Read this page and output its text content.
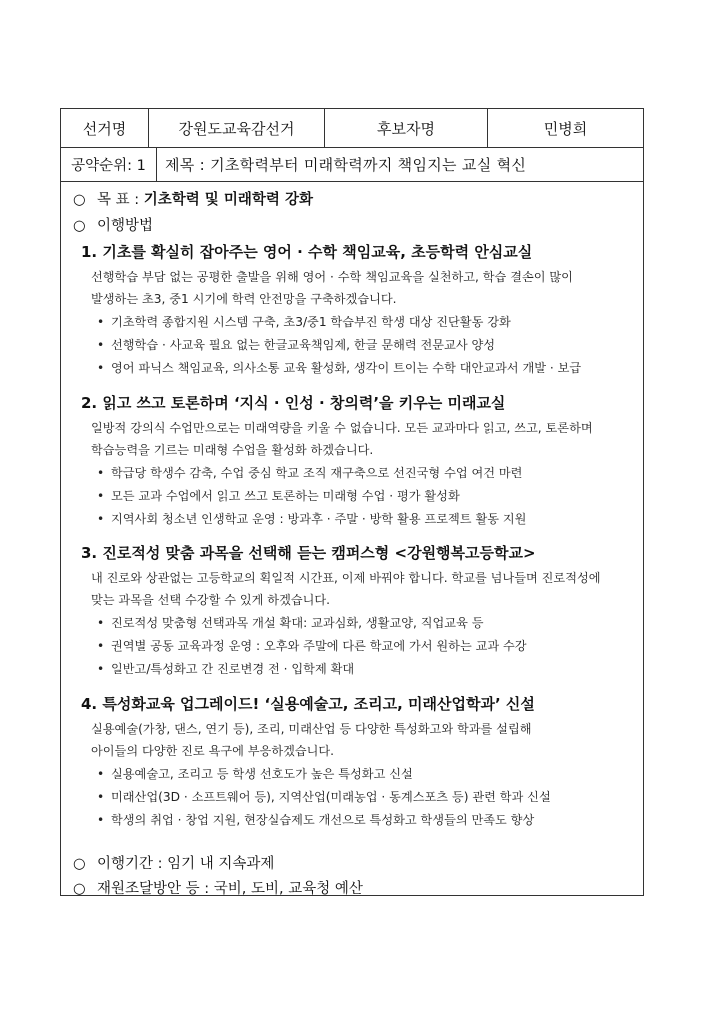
선거명	강원도교육감선거	후보자명	민병희
공약순위: 1	제목 : 기초학력부터 미래학력까지 책임지는 교실 혁신
○ 목 표 : 기초학력 및 미래학력 강화
○ 이행방법
1. 기초를 확실히 잡아주는 영어 · 수학 책임교육, 초등학력 안심교실
선행학습 부담 없는 공평한 출발을 위해 영어 · 수학 책임교육을 실천하고, 학습 결손이 많이
발생하는 초3, 중1 시기에 학력 안전망을 구축하겠습니다.
• 기초학력 종합지원 시스템 구축, 초3/중1 학습부진 학생 대상 진단활동 강화
• 선행학습 · 사교육 필요 없는 한글교육책임제, 한글 문해력 전문교사 양성
• 영어 파닉스 책임교육, 의사소통 교육 활성화, 생각이 트이는 수학 대안교과서 개발 · 보급
2. 읽고 쓰고 토론하며 ‘지식 · 인성 · 창의력’을 키우는 미래교실
일방적 강의식 수업만으로는 미래역량을 키울 수 없습니다. 모든 교과마다 읽고, 쓰고, 토론하며
학습능력을 기르는 미래형 수업을 활성화 하겠습니다.
• 학급당 학생수 감축, 수업 중심 학교 조직 재구축으로 선진국형 수업 여건 마련
• 모든 교과 수업에서 읽고 쓰고 토론하는 미래형 수업 · 평가 활성화
• 지역사회 청소년 인생학교 운영 : 방과후 · 주말 · 방학 활용 프로젝트 활동 지원
3. 진로적성 맞춤 과목을 선택해 듣는 캠퍼스형 <강원행복고등학교>
내 진로와 상관없는 고등학교의 획일적 시간표, 이제 바꿔야 합니다. 학교를 넘나들며 진로적성에
맞는 과목을 선택 수강할 수 있게 하겠습니다.
• 진로적성 맞춤형 선택과목 개설 확대: 교과심화, 생활교양, 직업교육 등
• 권역별 공동 교육과정 운영 : 오후와 주말에 다른 학교에 가서 원하는 교과 수강
• 일반고/특성화고 간 진로변경 전 · 입학제 확대
4. 특성화교육 업그레이드! ‘실용예술고, 조리고, 미래산업학과’ 신설
실용예술(가창, 댄스, 연기 등), 조리, 미래산업 등 다양한 특성화고와 학과를 설립해
아이들의 다양한 진로 욕구에 부응하겠습니다.
• 실용예술고, 조리고 등 학생 선호도가 높은 특성화고 신설
• 미래산업(3D · 소프트웨어 등), 지역산업(미래농업 · 동계스포츠 등) 관련 학과 신설
• 학생의 취업 · 창업 지원, 현장실습제도 개선으로 특성화고 학생들의 만족도 향상
○ 이행기간 : 임기 내 지속과제
○ 재원조달방안 등 : 국비, 도비, 교육청 예산
